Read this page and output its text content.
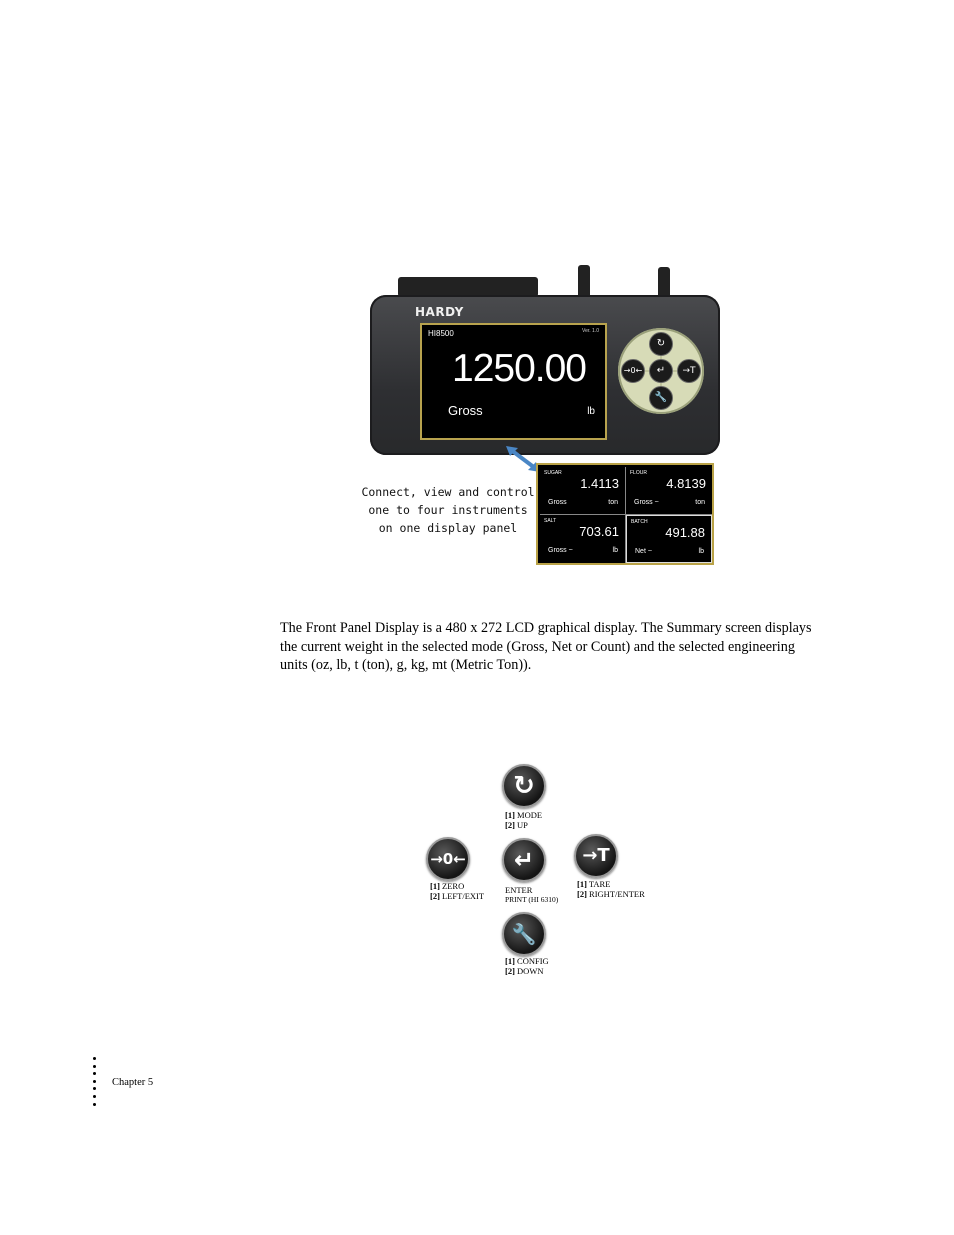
HARDY
HI8500	Ver. 1.0
1250.00
Gross	lb
↻
→0←	↵	→T
🔧
Connect, view and control
one to four instruments
on one display panel
SUGAR
1.4113
Gross	ton
FLOUR
4.8139
Gross ~	ton
SALT
703.61
Gross ~	lb
BATCH
491.88
Net ~	lb

The Front Panel Display is a 480 x 272 LCD graphical display. The Summary screen displays the current weight in the selected mode (Gross, Net or Count) and the selected engineering units (oz, lb, t (ton), g, kg, mt (Metric Ton)).

↻
[1] MODE
[2] UP
→0←
[1] ZERO
[2] LEFT/EXIT
↵
ENTER
PRINT (HI 6310)
→T
[1] TARE
[2] RIGHT/ENTER
🔧
[1] CONFIG
[2] DOWN
Chapter 5
